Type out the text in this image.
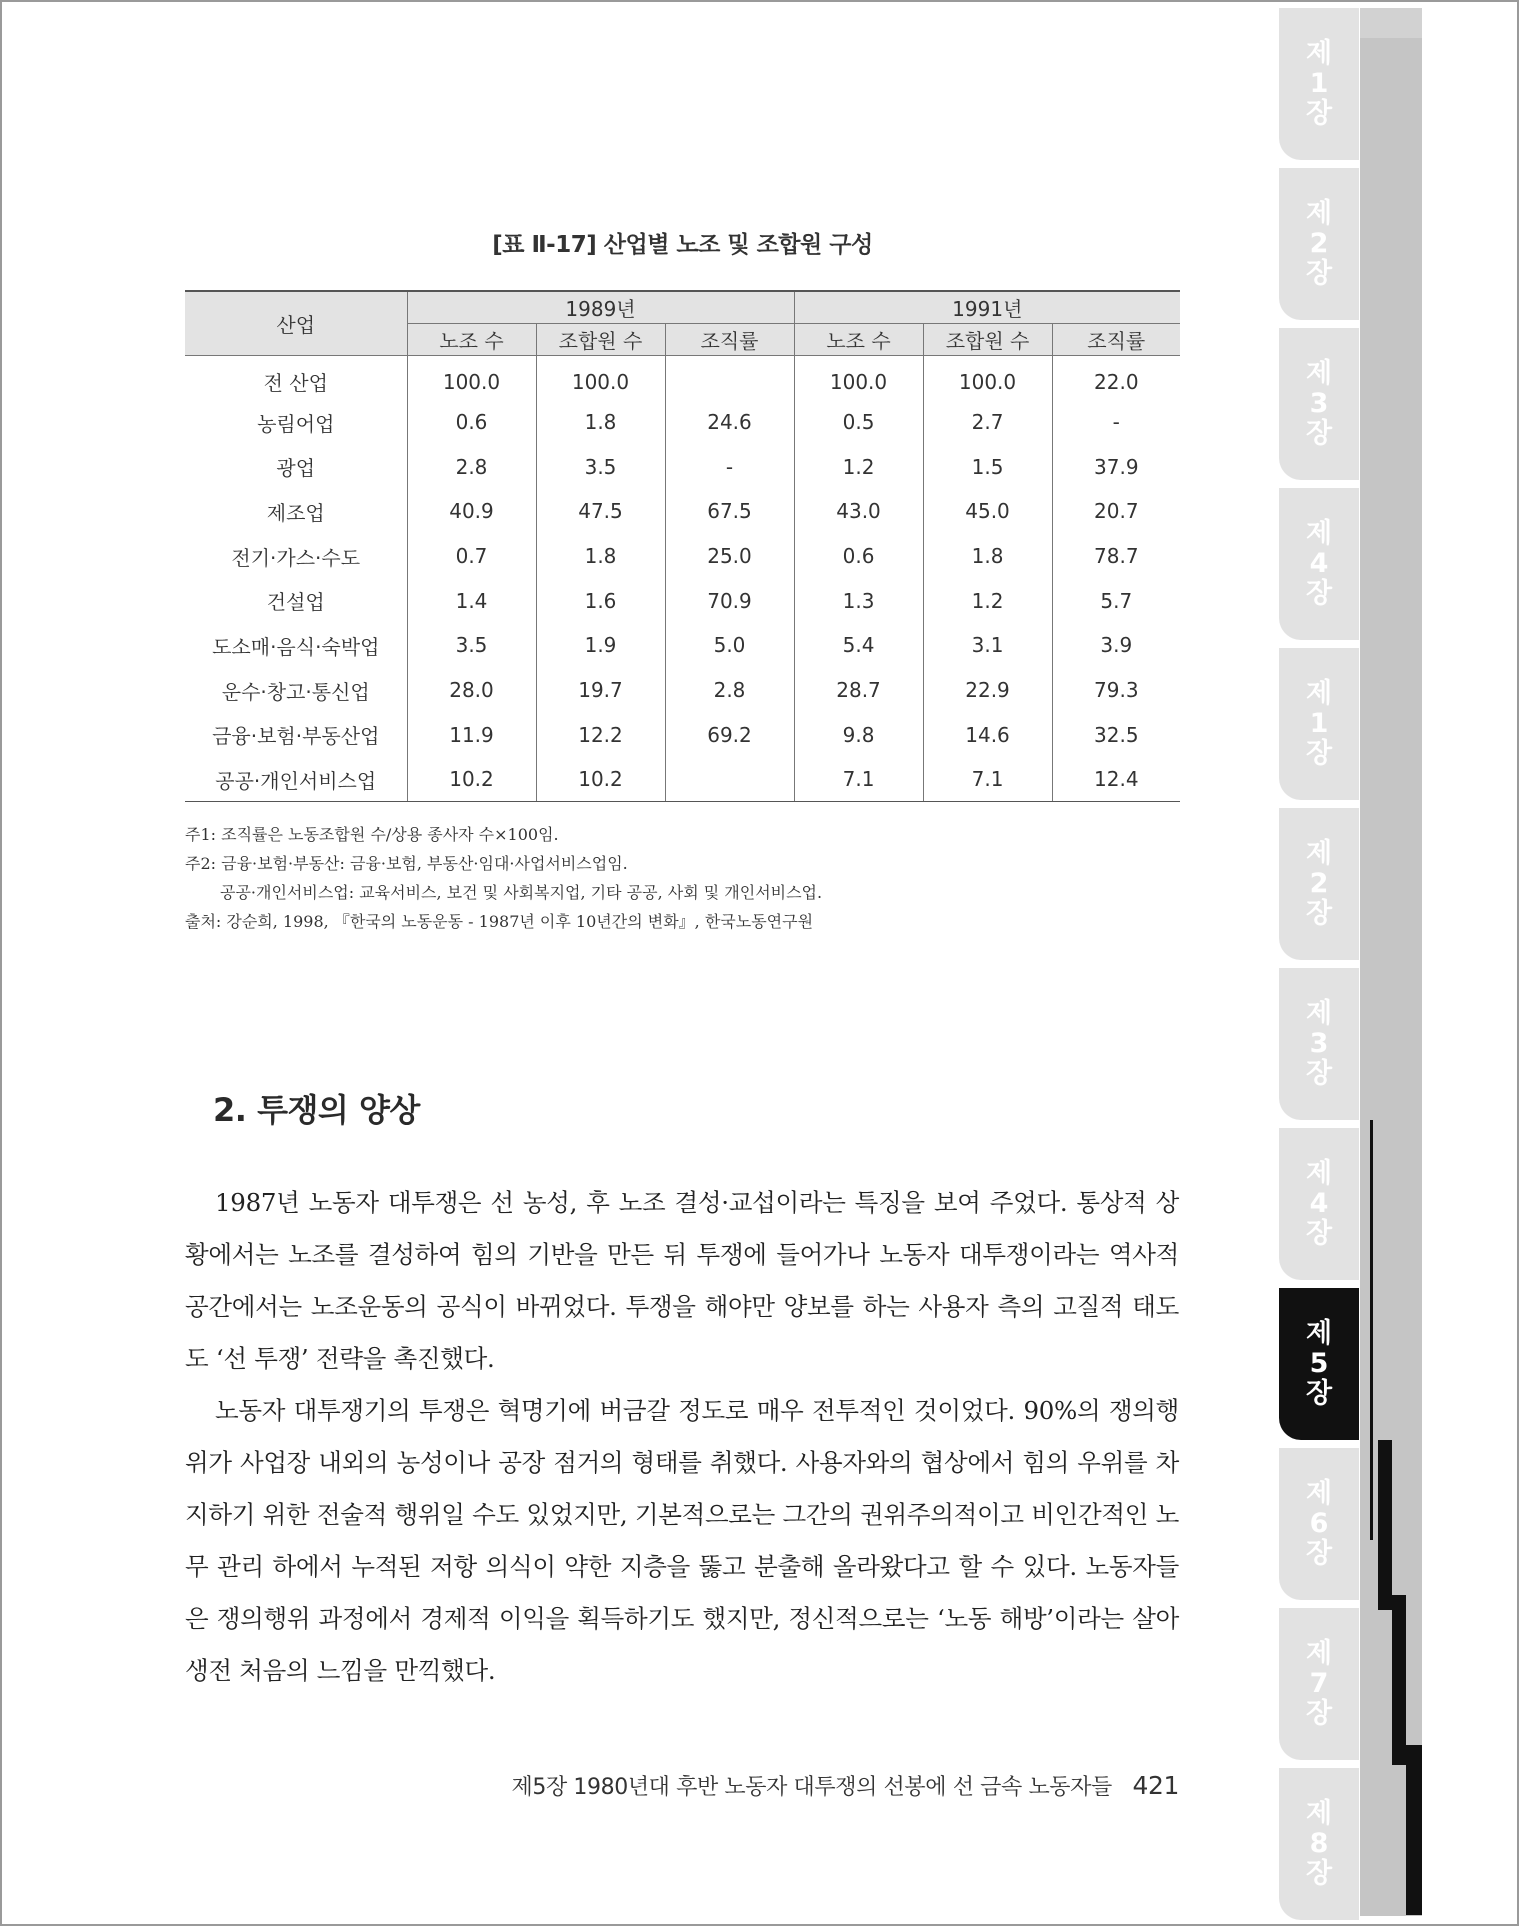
[표 Ⅱ-17] 산업별 노조 및 조합원 구성
산업	1989년			1991년		
	노조 수	조합원 수	조직률	노조 수	조합원 수	조직률
전 산업	100.0	100.0		100.0	100.0	22.0
농림어업	0.6	1.8	24.6	0.5	2.7	-
광업	2.8	3.5	-	1.2	1.5	37.9
제조업	40.9	47.5	67.5	43.0	45.0	20.7
전기·가스·수도	0.7	1.8	25.0	0.6	1.8	78.7
건설업	1.4	1.6	70.9	1.3	1.2	5.7
도소매·음식·숙박업	3.5	1.9	5.0	5.4	3.1	3.9
운수·창고·통신업	28.0	19.7	2.8	28.7	22.9	79.3
금융·보험·부동산업	11.9	12.2	69.2	9.8	14.6	32.5
공공·개인서비스업	10.2	10.2		7.1	7.1	12.4
주1: 조직률은 노동조합원 수/상용 종사자 수×100임.
주2: 금융·보험·부동산: 금융·보험, 부동산·임대·사업서비스업임.
공공·개인서비스업: 교육서비스, 보건 및 사회복지업, 기타 공공, 사회 및 개인서비스업.
출처: 강순희, 1998, 『한국의 노동운동 - 1987년 이후 10년간의 변화』, 한국노동연구원
2. 투쟁의 양상

1987년 노동자 대투쟁은 선 농성, 후 노조 결성·교섭이라는 특징을 보여 주었다. 통상적 상황에서는 노조를 결성하여 힘의 기반을 만든 뒤 투쟁에 들어가나 노동자 대투쟁이라는 역사적 공간에서는 노조운동의 공식이 바뀌었다. 투쟁을 해야만 양보를 하는 사용자 측의 고질적 태도도 ‘선 투쟁’ 전략을 촉진했다.

노동자 대투쟁기의 투쟁은 혁명기에 버금갈 정도로 매우 전투적인 것이었다. 90%의 쟁의행위가 사업장 내외의 농성이나 공장 점거의 형태를 취했다. 사용자와의 협상에서 힘의 우위를 차지하기 위한 전술적 행위일 수도 있었지만, 기본적으로는 그간의 권위주의적이고 비인간적인 노무 관리 하에서 누적된 저항 의식이 약한 지층을 뚫고 분출해 올라왔다고 할 수 있다. 노동자들은 쟁의행위 과정에서 경제적 이익을 획득하기도 했지만, 정신적으로는 ‘노동 해방’이라는 살아생전 처음의 느낌을 만끽했다.

제5장 1980년대 후반 노동자 대투쟁의 선봉에 선 금속 노동자들 421
제
1
장
제
2
장
제
3
장
제
4
장
제
1
장
제
2
장
제
3
장
제
4
장
제
5
장
제
6
장
제
7
장
제
8
장
